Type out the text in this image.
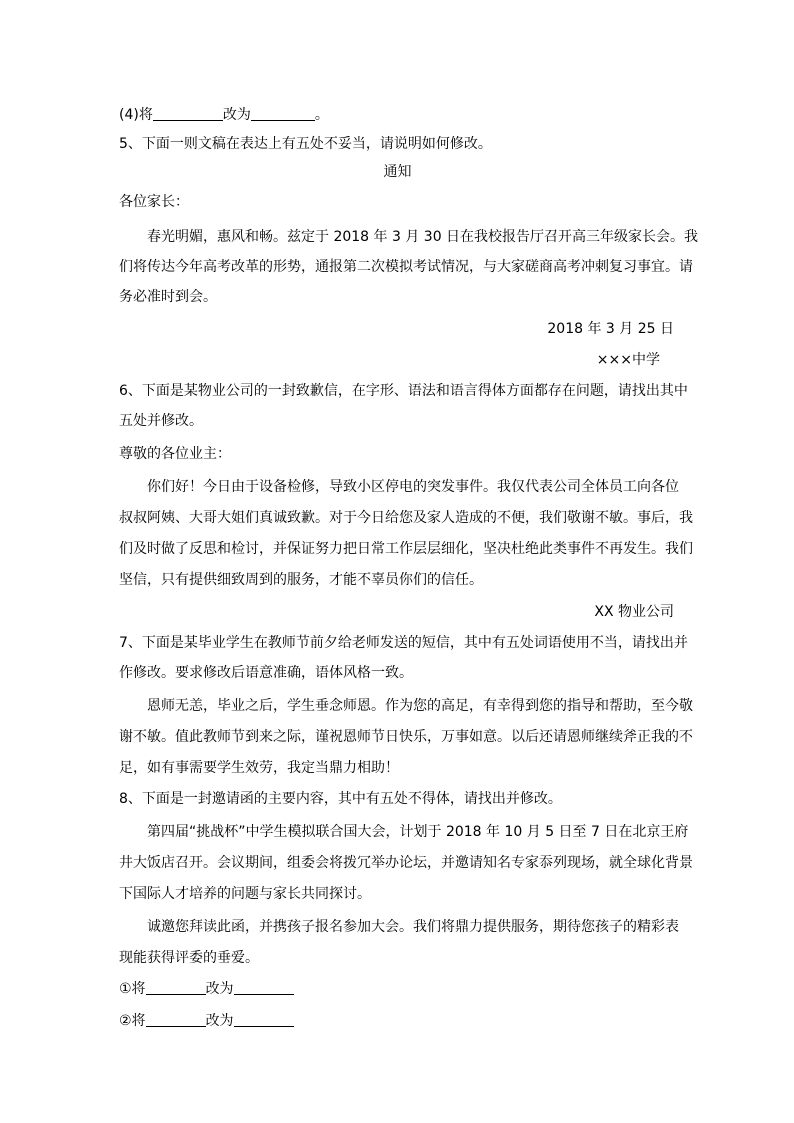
(4)将	改为	。
5、下面一则文稿在表达上有五处不妥当，请说明如何修改。
通知
各位家长：
春光明媚，惠风和畅。兹定于 2018 年 3 月 30 日在我校报告厅召开高三年级家长会。我
们将传达今年高考改革的形势，通报第二次模拟考试情况，与大家磋商高考冲刺复习事宜。请
务必准时到会。
2018 年 3 月 25 日
×××中学
6、下面是某物业公司的一封致歉信，在字形、语法和语言得体方面都存在问题，请找出其中
五处并修改。
尊敬的各位业主：
你们好！今日由于设备检修，导致小区停电的突发事件。我仅代表公司全体员工向各位
叔叔阿姨、大哥大姐们真诚致歉。对于今日给您及家人造成的不便，我们敬谢不敏。事后，我
们及时做了反思和检讨，并保证努力把日常工作层层细化，坚决杜绝此类事件不再发生。我们
坚信，只有提供细致周到的服务，才能不辜员你们的信任。
XX 物业公司
7、下面是某毕业学生在教师节前夕给老师发送的短信，其中有五处词语使用不当，请找出并
作修改。要求修改后语意准确，语体风格一致。
恩师无恙，毕业之后，学生垂念师恩。作为您的高足，有幸得到您的指导和帮助，至今敬
谢不敏。值此教师节到来之际，谨祝恩师节日快乐，万事如意。以后还请恩师继续斧正我的不
足，如有事需要学生效劳，我定当鼎力相助！
8、下面是一封邀请函的主要内容，其中有五处不得体，请找出并修改。
第四届“挑战杯”中学生模拟联合国大会，计划于 2018 年 10 月 5 日至 7 日在北京王府
井大饭店召开。会议期间，组委会将拨冗举办论坛，并邀请知名专家忝列现场，就全球化背景
下国际人才培养的问题与家长共同探讨。
诚邀您拜读此函，并携孩子报名参加大会。我们将鼎力提供服务，期待您孩子的精彩表
现能获得评委的垂爱。
①将	改为
②将	改为
